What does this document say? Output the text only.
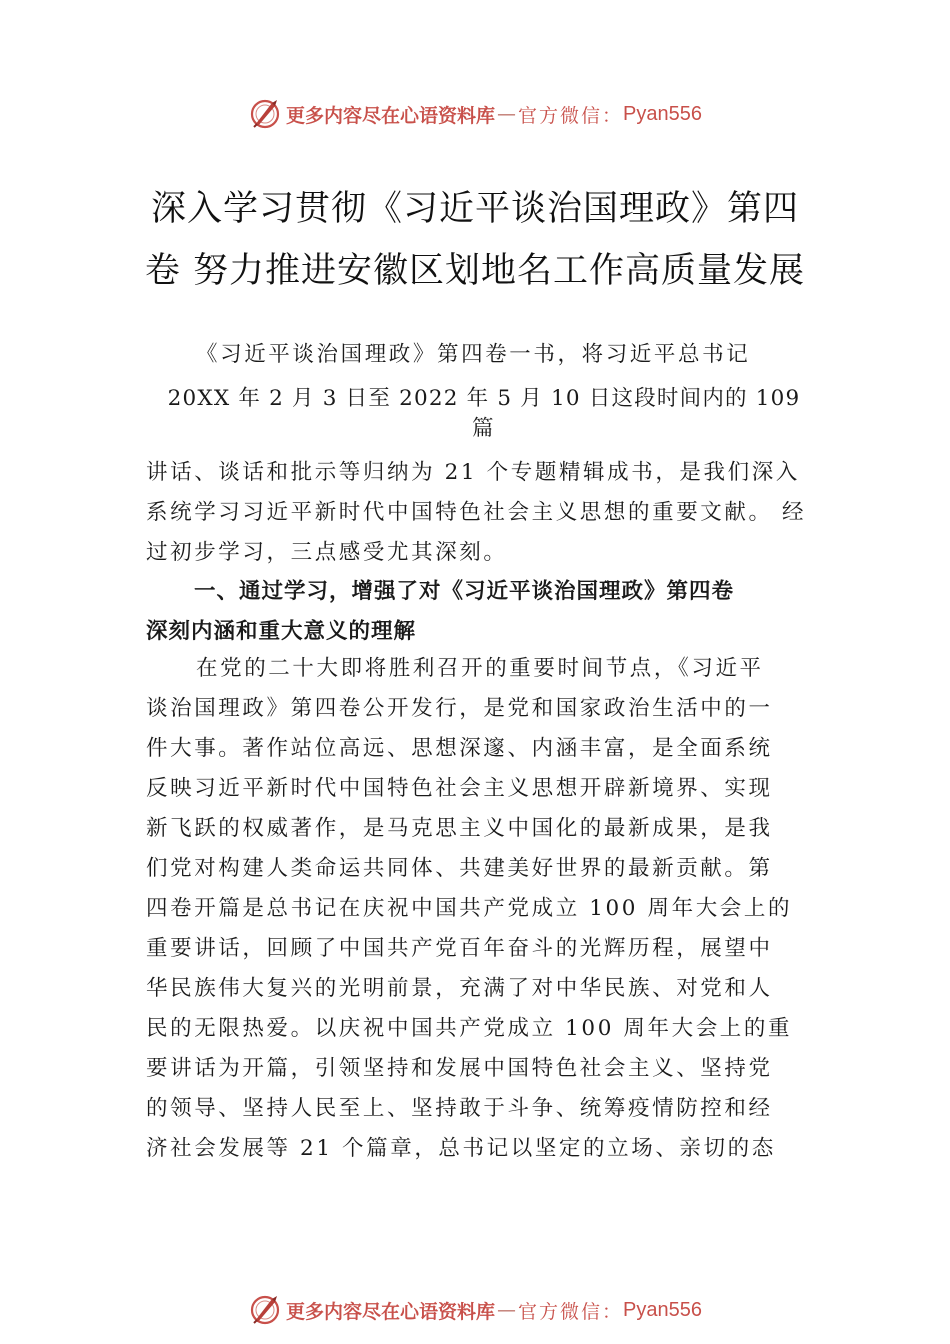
更多内容尽在心语资料库 — 官方微信： Pyan556
深入学习贯彻《习近平谈治国理政》第四
卷 努力推进安徽区划地名工作高质量发展
《习近平谈治国理政》第四卷一书，将习近平总书记
20XX 年 2 月 3 日至 2022 年 5 月 10 日这段时间内的 109
篇
讲话、谈话和批示等归纳为 21 个专题精辑成书，是我们深入
系统学习习近平新时代中国特色社会主义思想的重要文献。 经
过初步学习，三点感受尤其深刻。
一、通过学习，增强了对《习近平谈治国理政》第四卷
深刻内涵和重大意义的理解
在党的二十大即将胜利召开的重要时间节点，《习近平
谈治国理政》第四卷公开发行，是党和国家政治生活中的一
件大事。著作站位高远、思想深邃、内涵丰富，是全面系统
反映习近平新时代中国特色社会主义思想开辟新境界、实现
新飞跃的权威著作，是马克思主义中国化的最新成果，是我
们党对构建人类命运共同体、共建美好世界的最新贡献。第
四卷开篇是总书记在庆祝中国共产党成立 100 周年大会上的
重要讲话，回顾了中国共产党百年奋斗的光辉历程，展望中
华民族伟大复兴的光明前景，充满了对中华民族、对党和人
民的无限热爱。以庆祝中国共产党成立 100 周年大会上的重
要讲话为开篇，引领坚持和发展中国特色社会主义、坚持党
的领导、坚持人民至上、坚持敢于斗争、统筹疫情防控和经
济社会发展等 21 个篇章，总书记以坚定的立场、亲切的态
更多内容尽在心语资料库 — 官方微信： Pyan556
